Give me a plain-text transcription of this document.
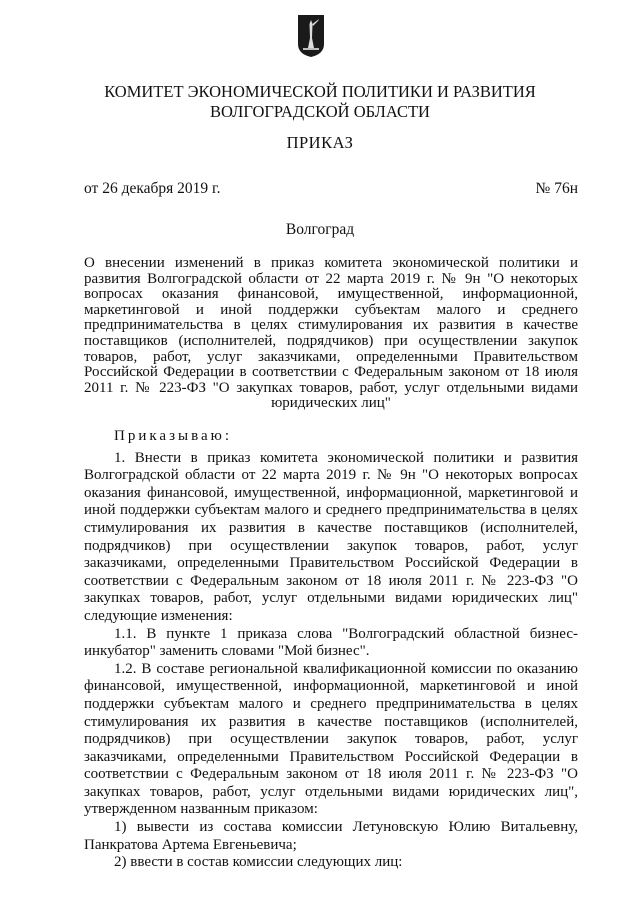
КОМИТЕТ ЭКОНОМИЧЕСКОЙ ПОЛИТИКИ И РАЗВИТИЯ
ВОЛГОГРАДСКОЙ ОБЛАСТИ
ПРИКАЗ
от 26 декабря 2019 г.	№ 76н
Волгоград
О внесении изменений в приказ комитета экономической политики и развития Волгоградской области от 22 марта 2019 г. № 9н "О некоторых вопросах оказания финансовой, имущественной, информационной, маркетинговой и иной поддержки субъектам малого и среднего предпринимательства в целях стимулирования их развития в качестве поставщиков (исполнителей, подрядчиков) при осуществлении закупок товаров, работ, услуг заказчиками, определенными Правительством Российской Федерации в соответствии с Федеральным законом от 18 июля 2011 г. № 223-ФЗ "О закупках товаров, работ, услуг отдельными видами юридических лиц"

Приказываю:

1. Внести в приказ комитета экономической политики и развития Волгоградской области от 22 марта 2019 г. № 9н "О некоторых вопросах оказания финансовой, имущественной, информационной, маркетинговой и иной поддержки субъектам малого и среднего предпринимательства в целях стимулирования их развития в качестве поставщиков (исполнителей, подрядчиков) при осуществлении закупок товаров, работ, услуг заказчиками, определенными Правительством Российской Федерации в соответствии с Федеральным законом от 18 июля 2011 г. № 223-ФЗ "О закупках товаров, работ, услуг отдельными видами юридических лиц" следующие изменения:

1.1. В пункте 1 приказа слова "Волгоградский областной бизнес-инкубатор" заменить словами "Мой бизнес".

1.2. В составе региональной квалификационной комиссии по оказанию финансовой, имущественной, информационной, маркетинговой и иной поддержки субъектам малого и среднего предпринимательства в целях стимулирования их развития в качестве поставщиков (исполнителей, подрядчиков) при осуществлении закупок товаров, работ, услуг заказчиками, определенными Правительством Российской Федерации в соответствии с Федеральным законом от 18 июля 2011 г. № 223-ФЗ "О закупках товаров, работ, услуг отдельными видами юридических лиц", утвержденном названным приказом:

1) вывести из состава комиссии Летуновскую Юлию Витальевну, Панкратова Артема Евгеньевича;

2) ввести в состав комиссии следующих лиц:
